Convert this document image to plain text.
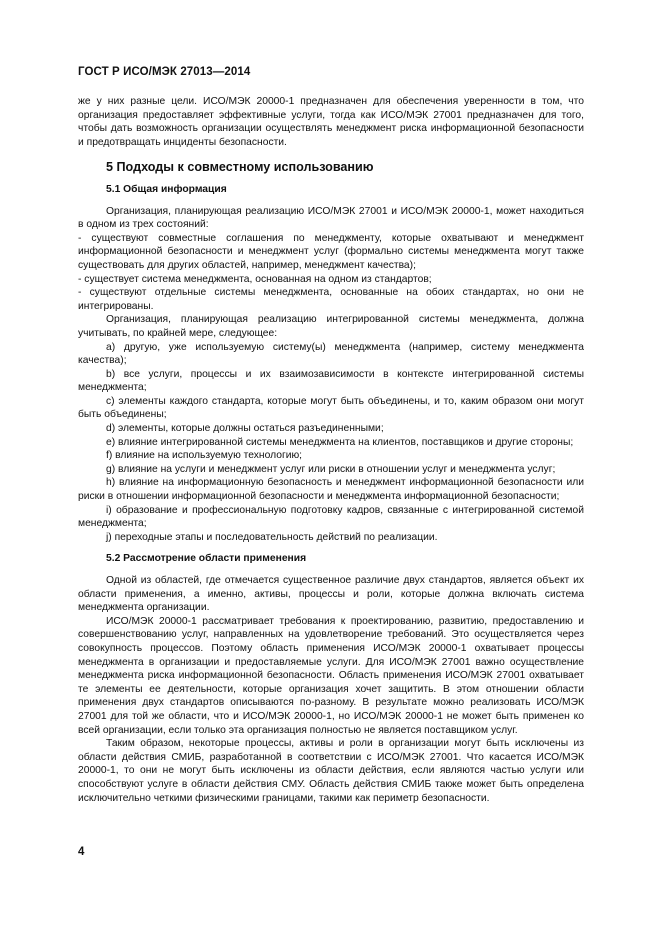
ГОСТ Р ИСО/МЭК 27013—2014

же у них разные цели. ИСО/МЭК 20000-1 предназначен для обеспечения уверенности в том, что организация предоставляет эффективные услуги, тогда как ИСО/МЭК 27001 предназначен для того, чтобы дать возможность организации осуществлять менеджмент риска информационной безопасности и предотвращать инциденты безопасности.

5 Подходы к совместному использованию
5.1 Общая информация

Организация, планирующая реализацию ИСО/МЭК 27001 и ИСО/МЭК 20000-1, может находиться в одном из трех состояний:

- существуют совместные соглашения по менеджменту, которые охватывают и менеджмент информационной безопасности и менеджмент услуг (формально системы менеджмента могут также существовать для других областей, например, менеджмент качества);

- существует система менеджмента, основанная на одном из стандартов;

- существуют отдельные системы менеджмента, основанные на обоих стандартах, но они не интегрированы.

Организация, планирующая реализацию интегрированной системы менеджмента, должна учитывать, по крайней мере, следующее:

a) другую, уже используемую систему(ы) менеджмента (например, систему менеджмента качества);

b) все услуги, процессы и их взаимозависимости в контексте интегрированной системы менеджмента;

c) элементы каждого стандарта, которые могут быть объединены, и то, каким образом они могут быть объединены;

d) элементы, которые должны остаться разъединенными;

e) влияние интегрированной системы менеджмента на клиентов, поставщиков и другие стороны;

f) влияние на используемую технологию;

g) влияние на услуги и менеджмент услуг или риски в отношении услуг и менеджмента услуг;

h) влияние на информационную безопасность и менеджмент информационной безопасности или риски в отношении информационной безопасности и менеджмента информационной безопасности;

i) образование и профессиональную подготовку кадров, связанные с интегрированной системой менеджмента;

j) переходные этапы и последовательность действий по реализации.

5.2 Рассмотрение области применения

Одной из областей, где отмечается существенное различие двух стандартов, является объект их области применения, а именно, активы, процессы и роли, которые должна включать система менеджмента организации.

ИСО/МЭК 20000-1 рассматривает требования к проектированию, развитию, предоставлению и совершенствованию услуг, направленных на удовлетворение требований. Это осуществляется через совокупность процессов. Поэтому область применения ИСО/МЭК 20000-1 охватывает процессы менеджмента в организации и предоставляемые услуги. Для ИСО/МЭК 27001 важно осуществление менеджмента риска информационной безопасности. Область применения ИСО/МЭК 27001 охватывает те элементы ее деятельности, которые организация хочет защитить. В этом отношении области применения двух стандартов описываются по-разному. В результате можно реализовать ИСО/МЭК 27001 для той же области, что и ИСО/МЭК 20000-1, но ИСО/МЭК 20000-1 не может быть применен ко всей организации, если только эта организация полностью не является поставщиком услуг.

Таким образом, некоторые процессы, активы и роли в организации могут быть исключены из области действия СМИБ, разработанной в соответствии с ИСО/МЭК 27001. Что касается ИСО/МЭК 20000-1, то они не могут быть исключены из области действия, если являются частью услуги или способствуют услуге в области действия СМУ. Область действия СМИБ также может быть определена исключительно четкими физическими границами, такими как периметр безопасности.

4
